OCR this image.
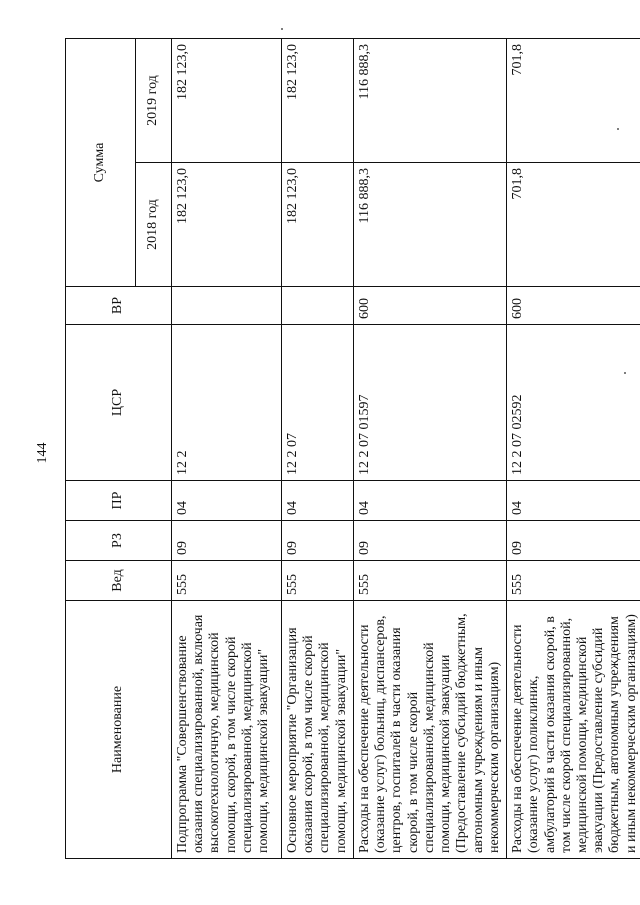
144
Наименование	Вед	РЗ	ПР	ЦСР	ВР	Сумма	
						2018 год	2019 год
Подпрограмма "Совершенствование оказания специализированной, включая высокотехнологичную, медицинской помощи, скорой, в том числе скорой специализированной, медицинской помощи, медицинской эвакуации"	555	09	04	12 2		182 123,0	182 123,0
Основное мероприятие "Организация оказания скорой, в том числе скорой специализированной, медицинской помощи, медицинской эвакуации"	555	09	04	12 2 07		182 123,0	182 123,0
Расходы на обеспечение деятельности (оказание услуг) больниц, диспансеров, центров, госпиталей в части оказания скорой, в том числе скорой специализированной, медицинской помощи, медицинской эвакуации (Предоставление субсидий бюджетным, автономным учреждениям и иным некоммерческим организациям)	555	09	04	12 2 07 01597	600	116 888,3	116 888,3
Расходы на обеспечение деятельности (оказание услуг) поликлиник, амбулаторий в части оказания скорой, в том числе скорой специализированной, медицинской помощи, медицинской эвакуации (Предоставление субсидий бюджетным, автономным учреждениям и иным некоммерческим организациям)	555	09	04	12 2 07 02592	600	701,8	701,8
